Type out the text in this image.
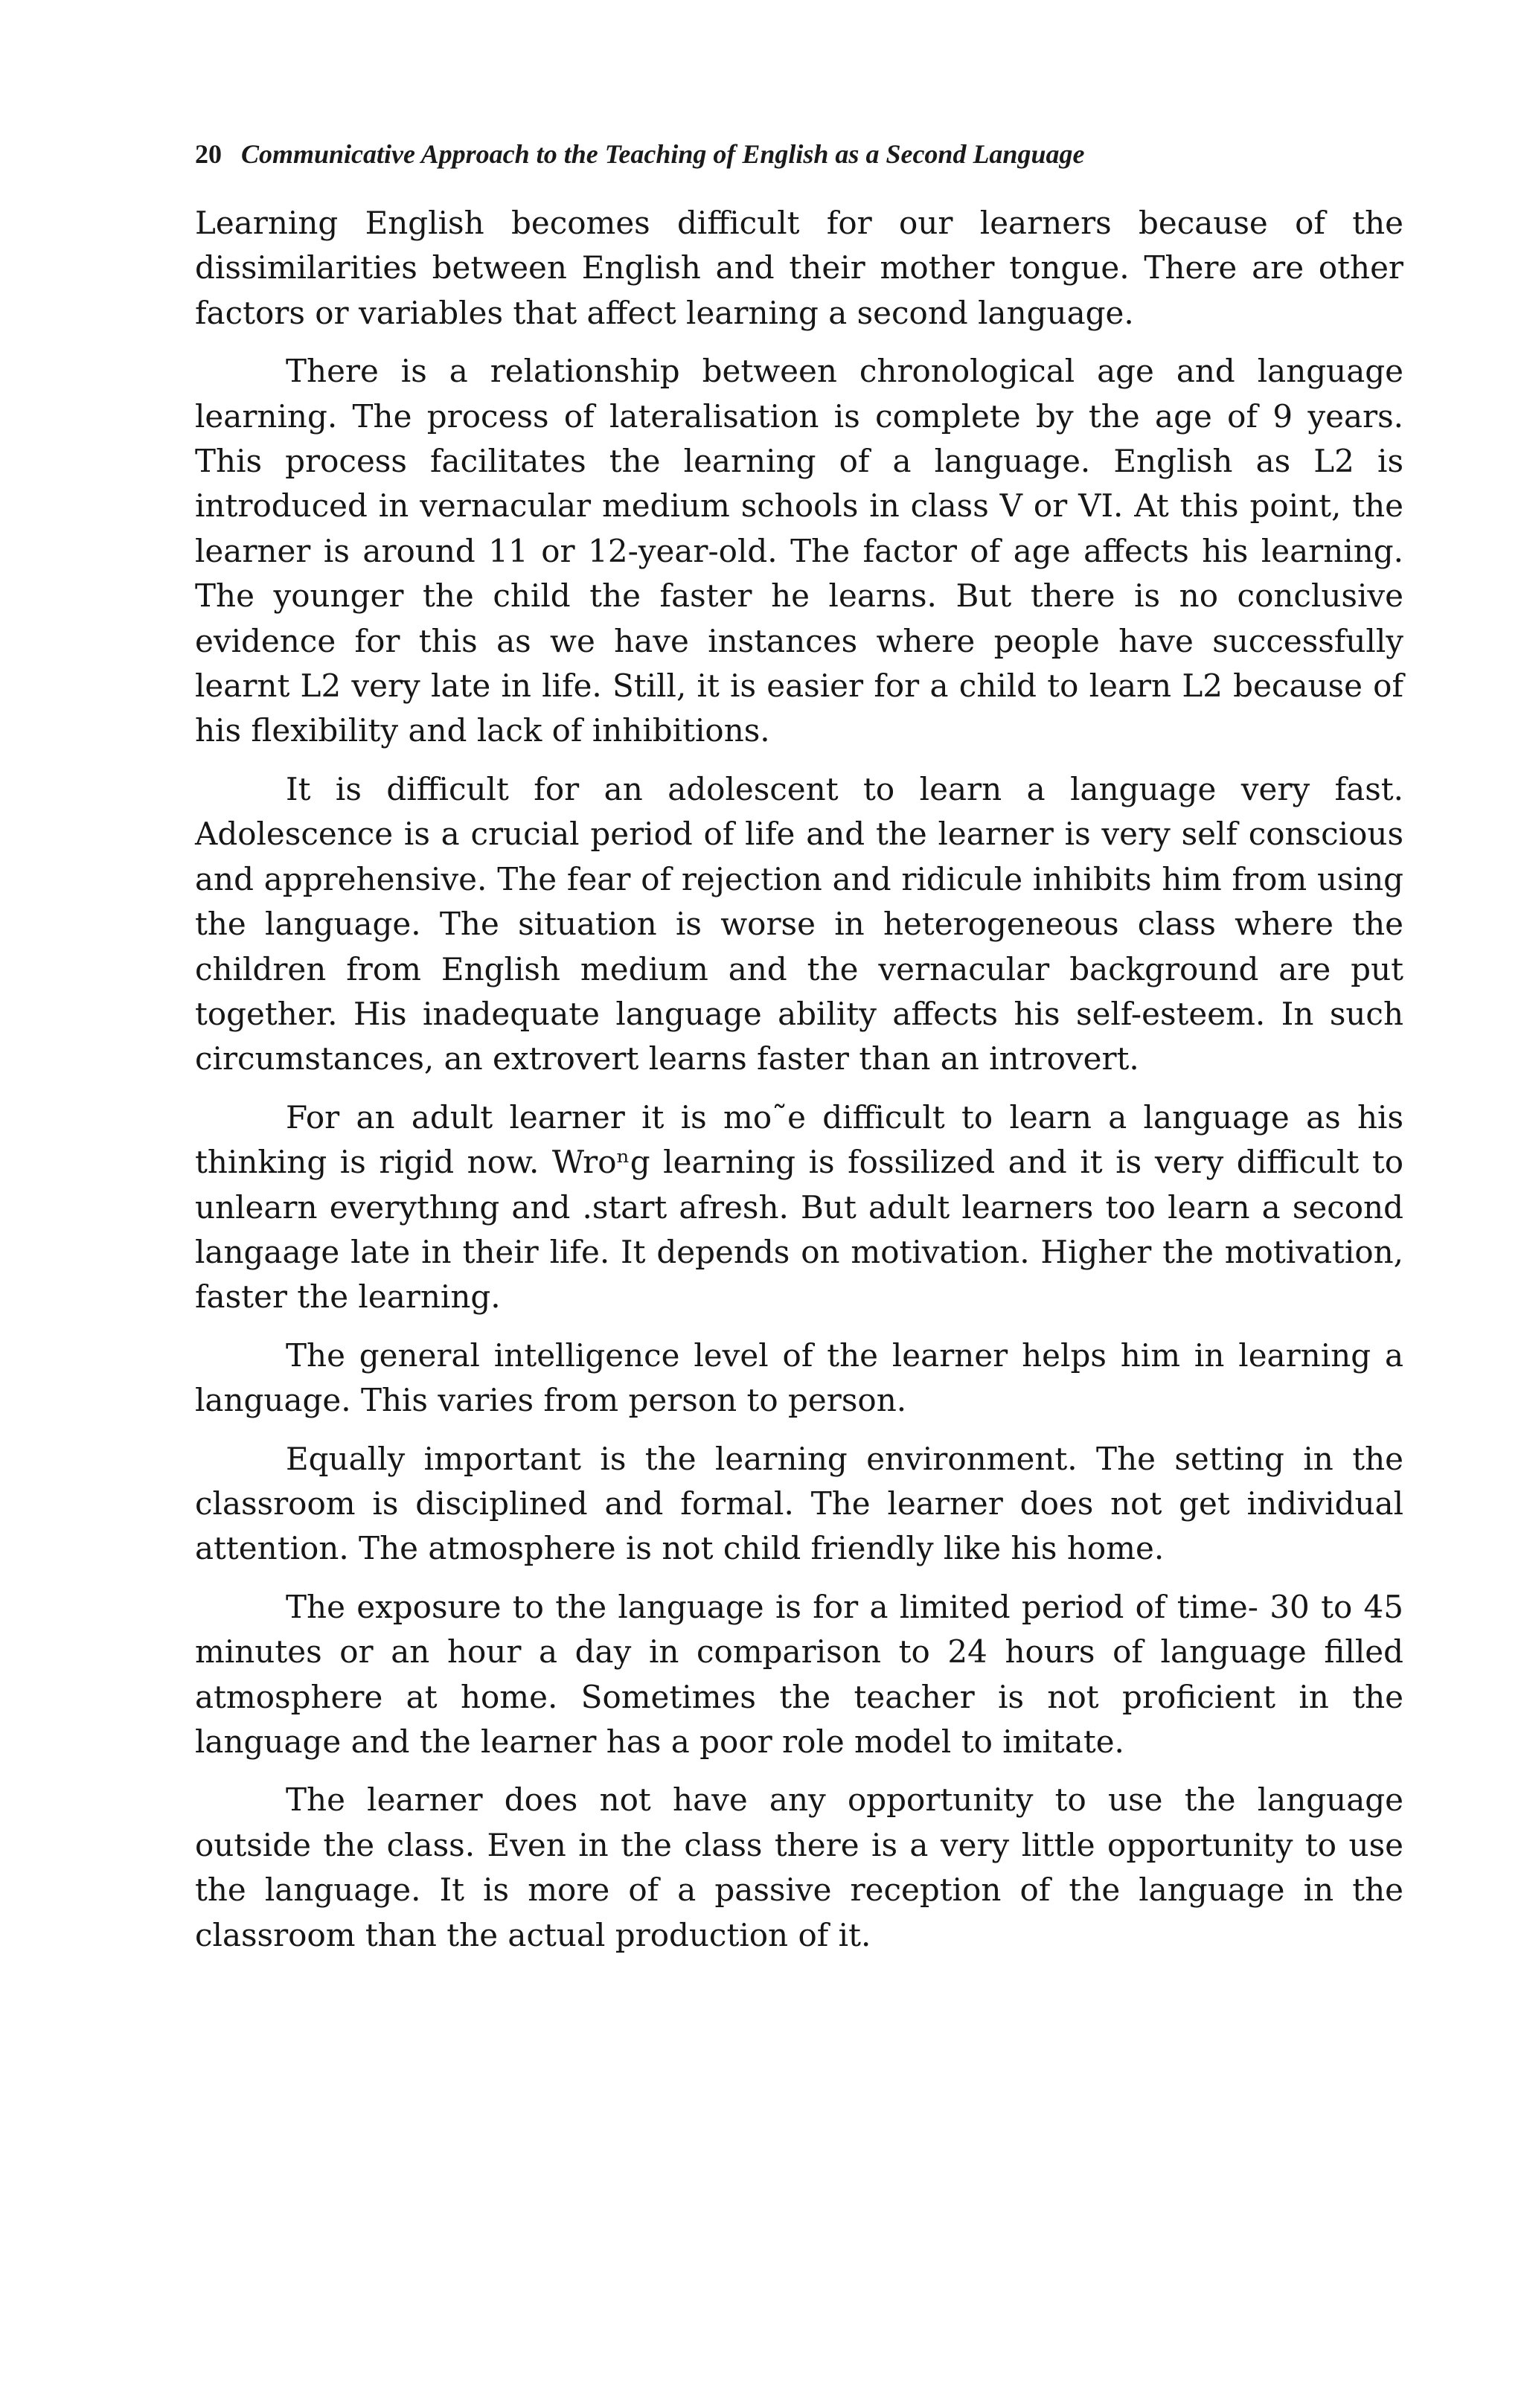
20 Communicative Approach to the Teaching of English as a Second Language

Learning English becomes difficult for our learners because of the dissimilarities between English and their mother tongue. There are other factors or variables that affect learning a second language.

There is a relationship between chronological age and language learning. The process of lateralisation is complete by the age of 9 years. This process facilitates the learning of a language. English as L2 is introduced in vernacular medium schools in class V or VI. At this point, the learner is around 11 or 12-year-old. The factor of age affects his learning. The younger the child the faster he learns. But there is no conclusive evidence for this as we have instances where people have successfully learnt L2 very late in life. Still, it is easier for a child to learn L2 because of his flexibility and lack of inhibitions.

It is difficult for an adolescent to learn a language very fast. Adolescence is a crucial period of life and the learner is very self conscious and apprehensive. The fear of rejection and ridicule inhibits him from using the language. The situation is worse in heterogeneous class where the children from English medium and the vernacular background are put together. His inadequate language ability affects his self-esteem. In such circumstances, an extrovert learns faster than an introvert.

For an adult learner it is mo˜e difficult to learn a language as his thinking is rigid now. Wroⁿg learning is fossilized and it is very difficult to unlearn everythıng and .start afresh. But adult learners too learn a second langaage late in their life. It depends on motivation. Higher the motivation, faster the learning.

The general intelligence level of the learner helps him in learning a language. This varies from person to person.

Equally important is the learning environment. The setting in the classroom is disciplined and formal. The learner does not get individual attention. The atmosphere is not child friendly like his home.

The exposure to the language is for a limited period of time- 30 to 45 minutes or an hour a day in comparison to 24 hours of language filled atmosphere at home. Sometimes the teacher is not proficient in the language and the learner has a poor role model to imitate.

The learner does not have any opportunity to use the language outside the class. Even in the class there is a very little opportunity to use the language. It is more of a passive reception of the language in the classroom than the actual production of it.
